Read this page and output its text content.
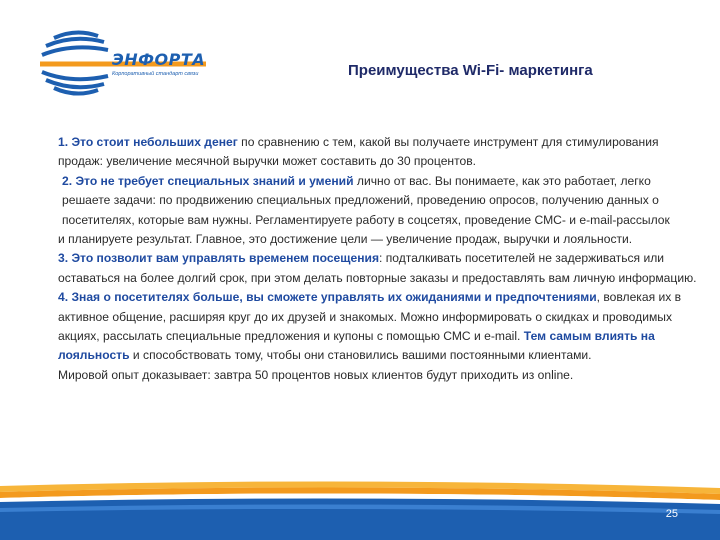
ЭНФОРТА
Корпоративный стандарт связи	Преимущества Wi-Fi- маркетинга

1. Это стоит небольших денег по сравнению с тем, какой вы получаете инструмент для стимулирования продаж: увеличение месячной выручки может составить до 30 процентов.

2. Это не требует специальных знаний и умений лично от вас. Вы понимаете, как это работает, легко решаете задачи: по продвижению специальных предложений, проведению опросов, получению данных о посетителях, которые вам нужны. Регламентируете работу в соцсетях, проведение СМС- и e-mail-рассылок

и планируете результат. Главное, это достижение цели — увеличение продаж, выручки и лояльности.

3. Это позволит вам управлять временем посещения: подталкивать посетителей не задерживаться или оставаться на более долгий срок, при этом делать повторные заказы и предоставлять вам личную информацию.

4. Зная о посетителях больше, вы сможете управлять их ожиданиями и предпочтениями, вовлекая их в активное общение, расширяя круг до их друзей и знакомых. Можно информировать о скидках и проводимых акциях, рассылать специальные предложения и купоны с помощью СМС и e-mail. Тем самым влиять на лояльность и способствовать тому, чтобы они становились вашими постоянными клиентами.

Мировой опыт доказывает: завтра 50 процентов новых клиентов будут приходить из online.

25
